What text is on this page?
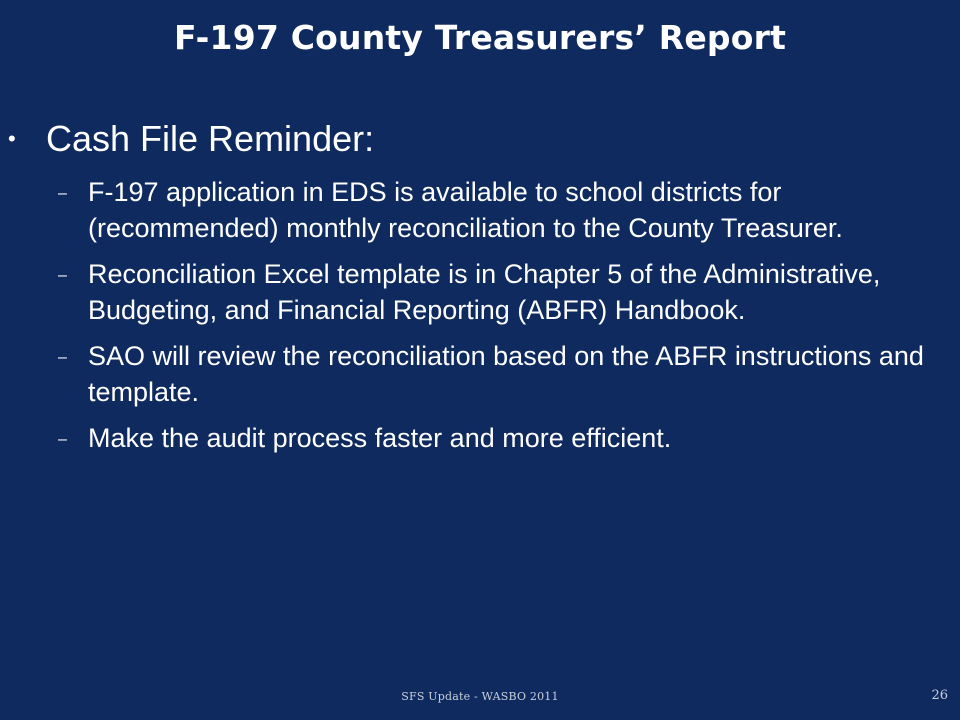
F-197 County Treasurers’ Report
• Cash File Reminder:
– F-197 application in EDS is available to school districts for (recommended) monthly reconciliation to the County Treasurer.
– Reconciliation Excel template is in Chapter 5 of the Administrative, Budgeting, and Financial Reporting (ABFR) Handbook.
– SAO will review the reconciliation based on the ABFR instructions and template.
– Make the audit process faster and more efficient.
SFS Update - WASBO 2011	26
